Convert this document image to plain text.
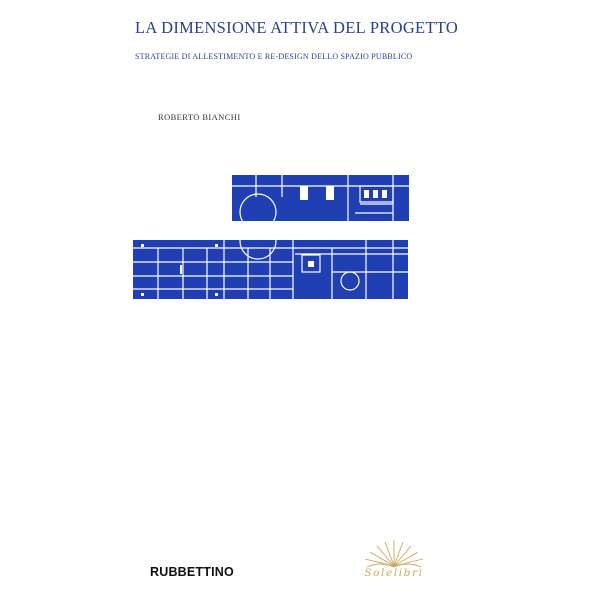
LA DIMENSIONE ATTIVA DEL PROGETTO
STRATEGIE DI ALLESTIMENTO E RE-DESIGN DELLO SPAZIO PUBBLICO
ROBERTO BIANCHI
RUBBETTINO	Solelibri
